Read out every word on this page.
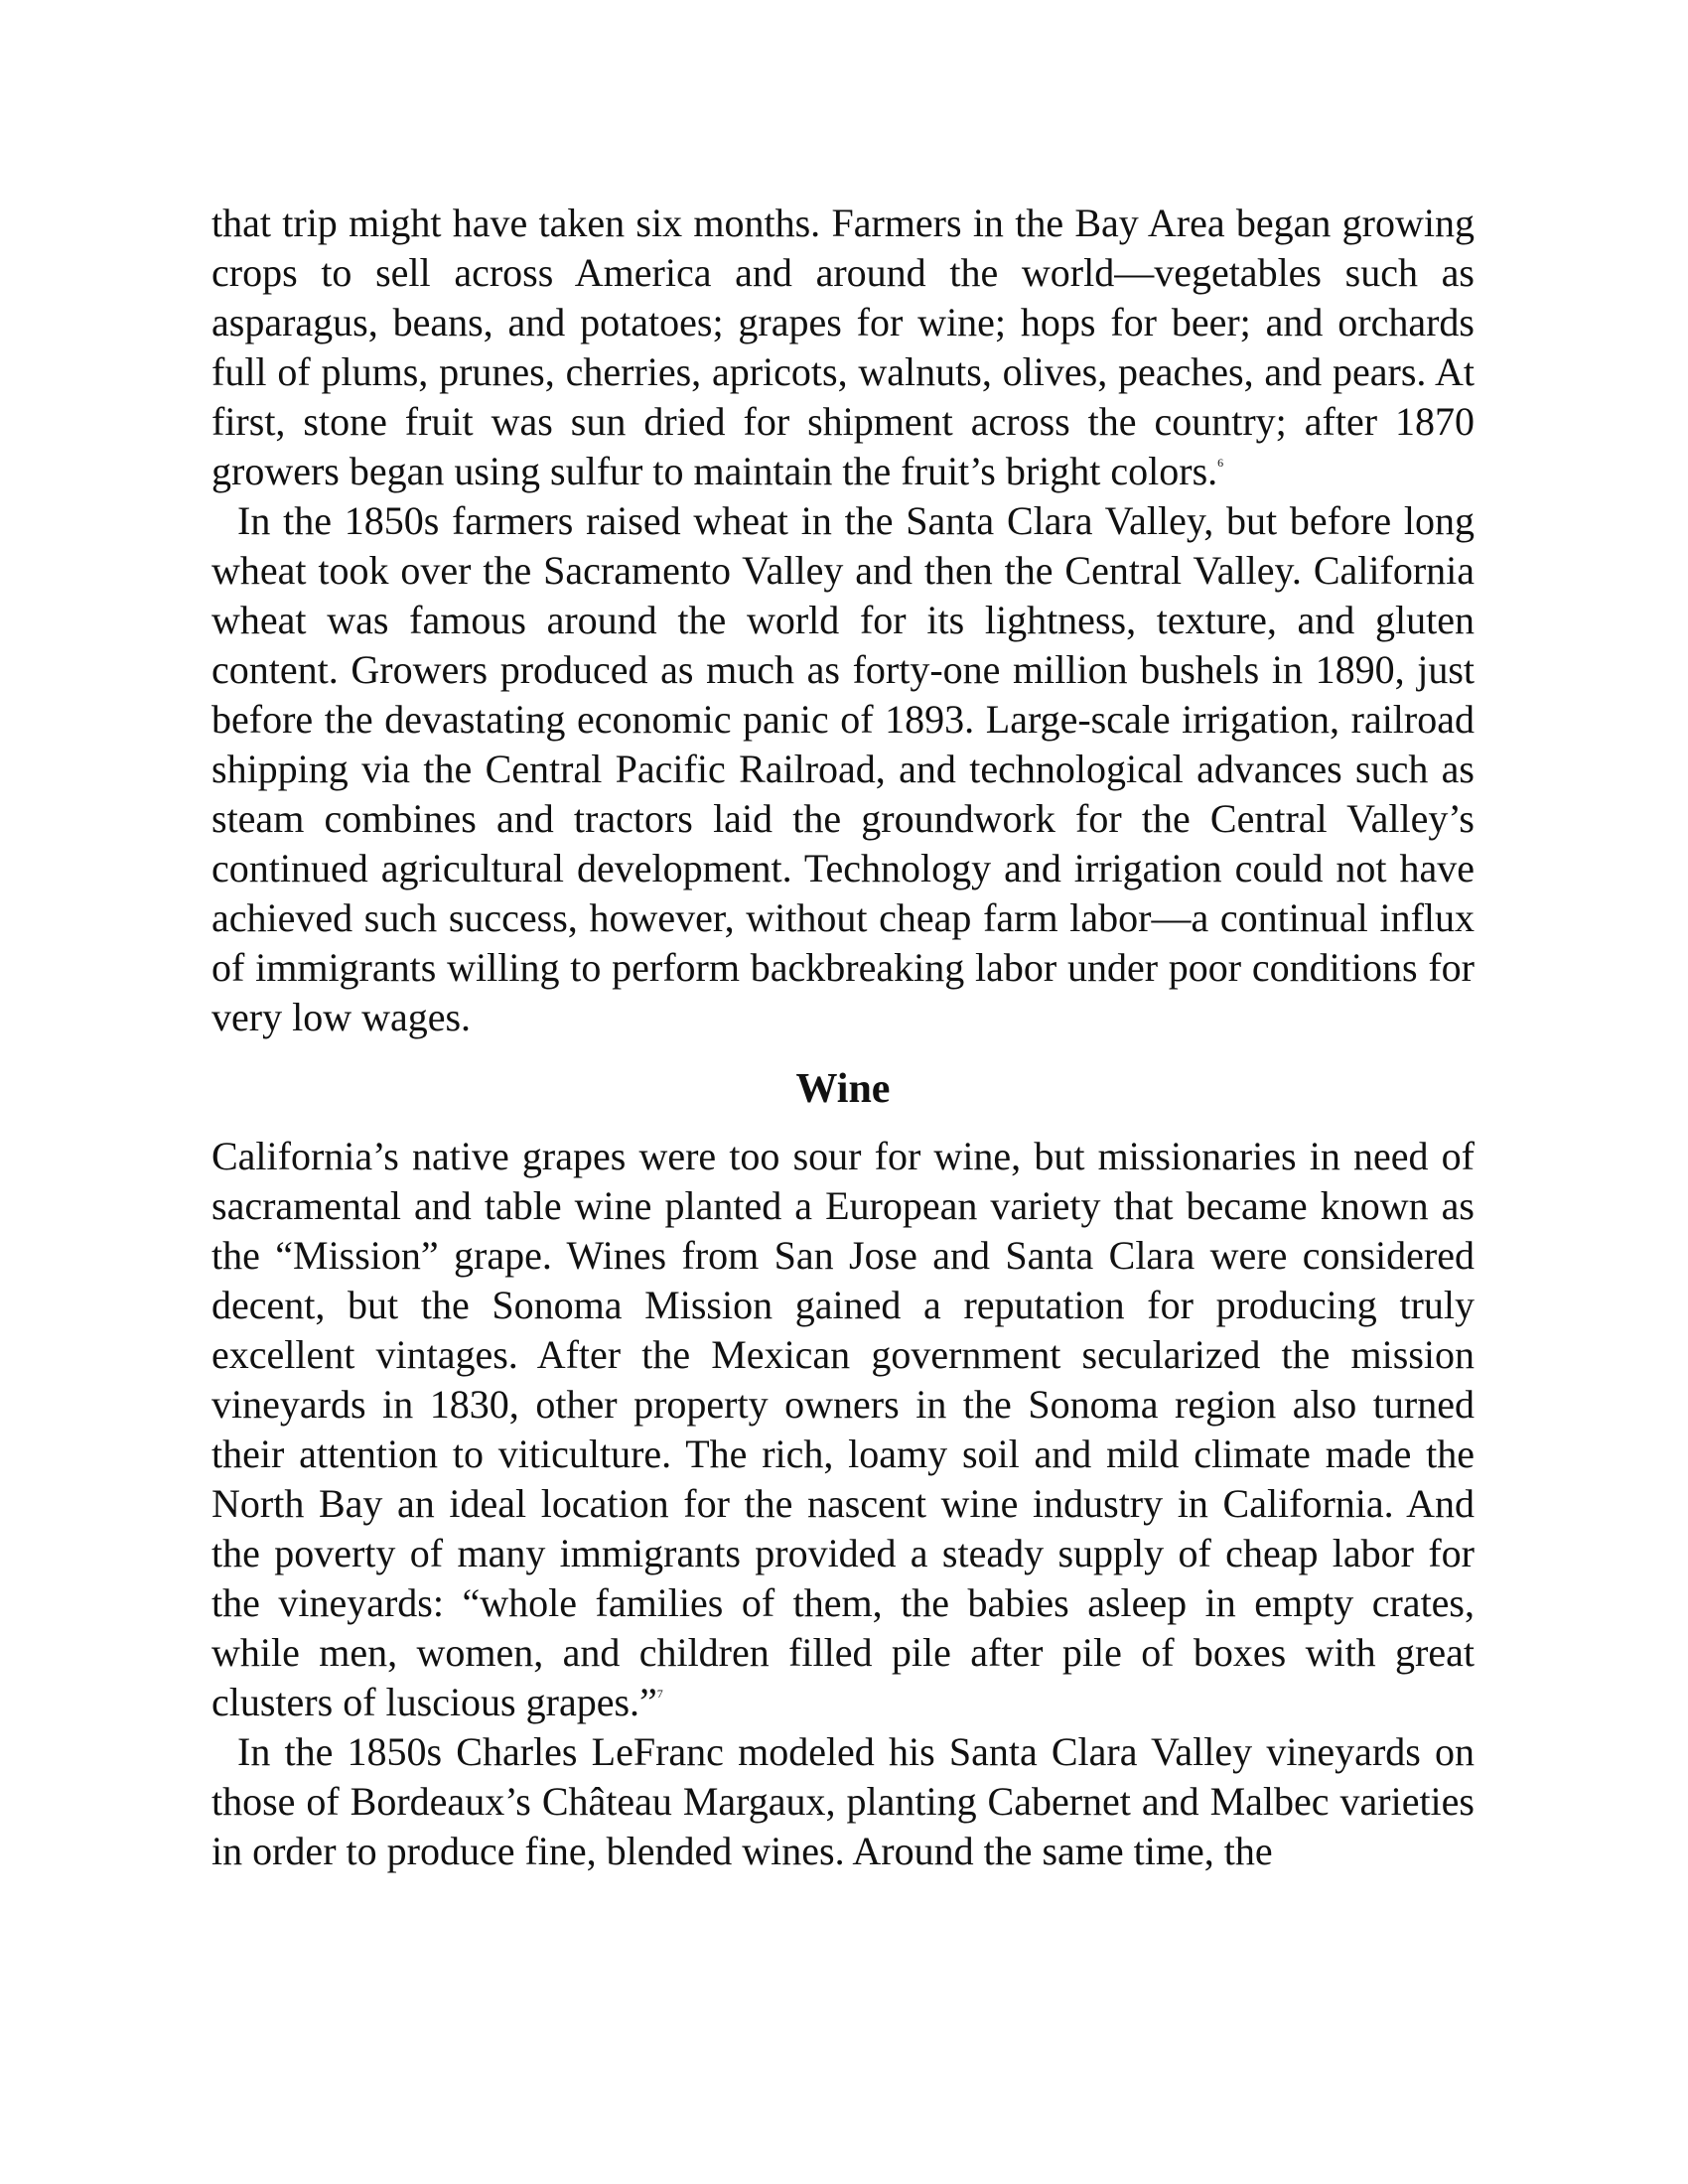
that trip might have taken six months. Farmers in the Bay Area began growing crops to sell across America and around the world—vegetables such as asparagus, beans, and potatoes; grapes for wine; hops for beer; and orchards full of plums, prunes, cherries, apricots, walnuts, olives, peaches, and pears. At first, stone fruit was sun dried for shipment across the country; after 1870 growers began using sulfur to maintain the fruit’s bright colors.$^6$

In the 1850s farmers raised wheat in the Santa Clara Valley, but before long wheat took over the Sacramento Valley and then the Central Valley. California wheat was famous around the world for its lightness, texture, and gluten content. Growers produced as much as forty-one million bushels in 1890, just before the devastating economic panic of 1893. Large-scale irrigation, railroad shipping via the Central Pacific Railroad, and technological advances such as steam combines and tractors laid the groundwork for the Central Valley’s continued agricultural development. Technology and irrigation could not have achieved such success, however, without cheap farm labor—a continual influx of immigrants willing to perform backbreaking labor under poor conditions for very low wages.

Wine

California’s native grapes were too sour for wine, but missionaries in need of sacramental and table wine planted a European variety that became known as the “Mission” grape. Wines from San Jose and Santa Clara were considered decent, but the Sonoma Mission gained a reputation for producing truly excellent vintages. After the Mexican government secularized the mission vineyards in 1830, other property owners in the Sonoma region also turned their attention to viticulture. The rich, loamy soil and mild climate made the North Bay an ideal location for the nascent wine industry in California. And the poverty of many immigrants provided a steady supply of cheap labor for the vineyards: “whole families of them, the babies asleep in empty crates, while men, women, and children filled pile after pile of boxes with great clusters of luscious grapes.”$^7$

In the 1850s Charles LeFranc modeled his Santa Clara Valley vineyards on those of Bordeaux’s Château Margaux, planting Cabernet and Malbec varieties in order to produce fine, blended wines. Around the same time, the
